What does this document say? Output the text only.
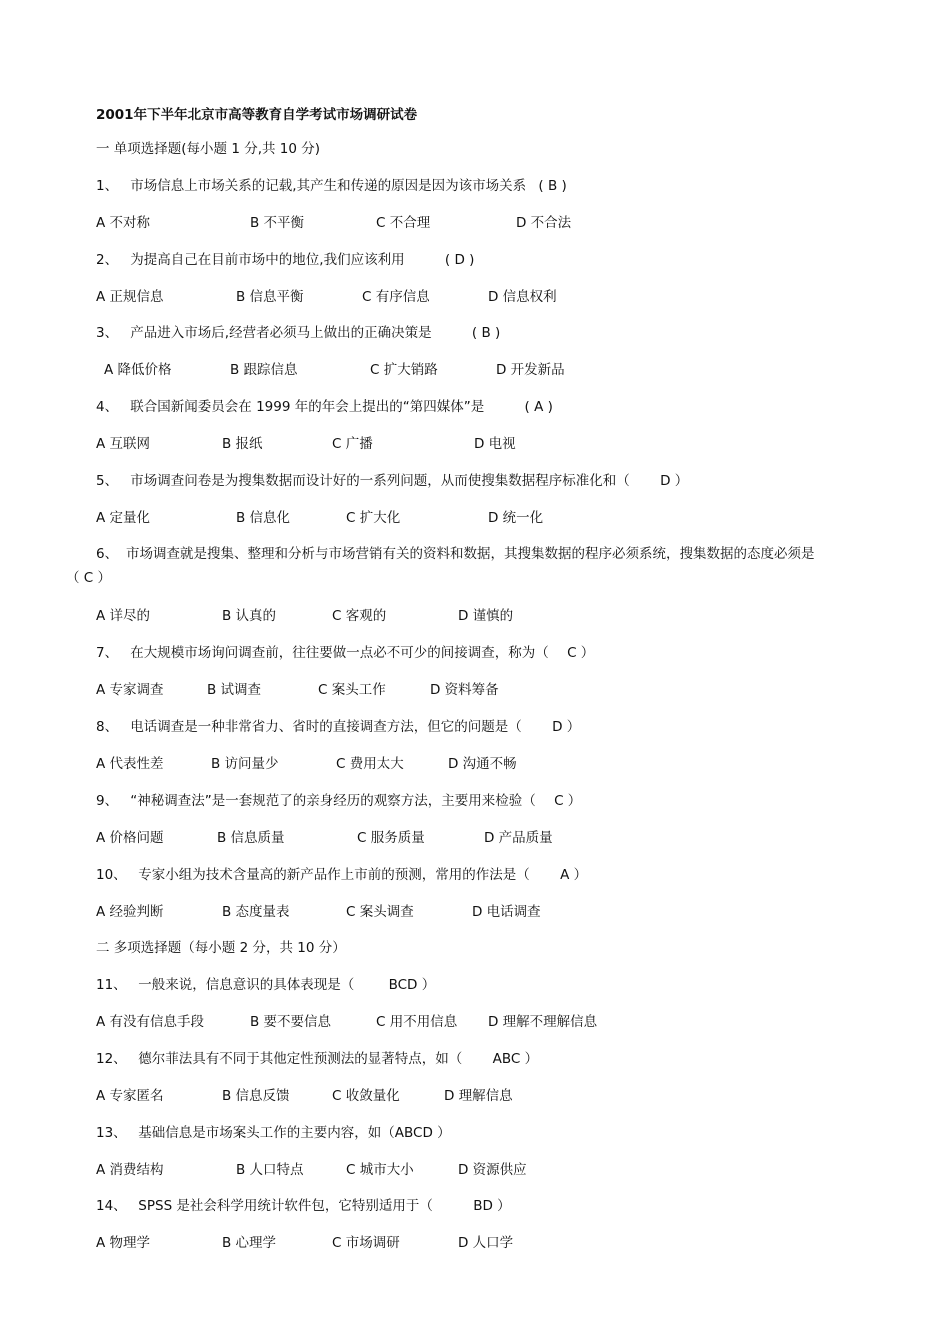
2001年下半年北京市高等教育自学考试市场调研试卷
一 单项选择题(每小题 1 分,共 10 分)
1、 市场信息上市场关系的记载,其产生和传递的原因是因为该市场关系 ( B )
A 不对称	B 不平衡	C 不合理	D 不合法
2、 为提高自己在目前市场中的地位,我们应该利用	( D )
A 正规信息	B 信息平衡	C 有序信息	D 信息权利
3、 产品进入市场后,经营者必须马上做出的正确决策是	( B )
A 降低价格	B 跟踪信息	C 扩大销路	D 开发新品
4、 联合国新闻委员会在 1999 年的年会上提出的“第四媒体”是	( A )
A 互联网	B 报纸	C 广播	D 电视
5、 市场调查问卷是为搜集数据而设计好的一系列问题，从而使搜集数据程序标准化和（ D ）
A 定量化	B 信息化	C 扩大化	D 统一化
6、 市场调查就是搜集、整理和分析与市场营销有关的资料和数据，其搜集数据的程序必须系统，搜集数据的态度必须是
（ C ）
A 详尽的	B 认真的	C 客观的	D 谨慎的
7、 在大规模市场询问调查前，往往要做一点必不可少的间接调查，称为（ C ）
A 专家调查	B 试调查	C 案头工作	D 资料筹备
8、 电话调查是一种非常省力、省时的直接调查方法，但它的问题是（ D ）
A 代表性差	B 访问量少	C 费用太大	D 沟通不畅
9、 “神秘调查法”是一套规范了的亲身经历的观察方法，主要用来检验（ C ）
A 价格问题	B 信息质量	C 服务质量	D 产品质量
10、 专家小组为技术含量高的新产品作上市前的预测，常用的作法是（ A ）
A 经验判断	B 态度量表	C 案头调查	D 电话调查
二 多项选择题（每小题 2 分，共 10 分）
11、 一般来说，信息意识的具体表现是（	BCD ）
A 有没有信息手段	B 要不要信息	C 用不用信息 D 理解不理解信息
12、 德尔菲法具有不同于其他定性预测法的显著特点，如（ ABC ）
A 专家匿名	B 信息反馈	C 收敛量化	D 理解信息
13、 基础信息是市场案头工作的主要内容，如（ABCD ）
A 消费结构	B 人口特点	C 城市大小	D 资源供应
14、 SPSS 是社会科学用统计软件包，它特别适用于（	BD ）
A 物理学	B 心理学	C 市场调研	D 人口学
